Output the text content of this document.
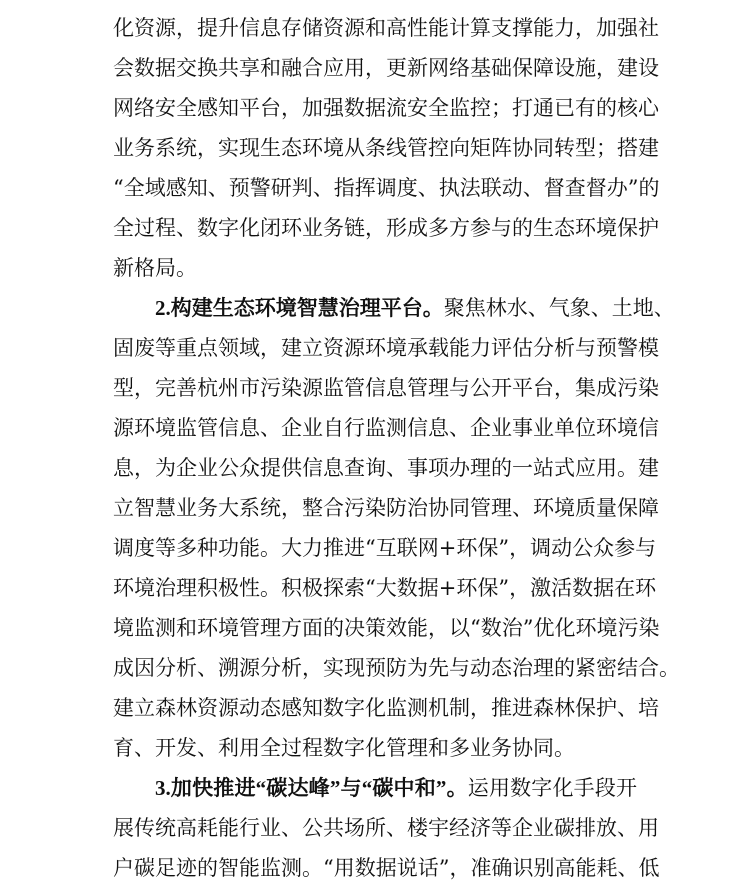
化资源，提升信息存储资源和高性能计算支撑能力，加强社
会数据交换共享和融合应用，更新网络基础保障设施，建设
网络安全感知平台，加强数据流安全监控；打通已有的核心
业务系统，实现生态环境从条线管控向矩阵协同转型；搭建
“全域感知、预警研判、指挥调度、执法联动、督查督办”的
全过程、数字化闭环业务链，形成多方参与的生态环境保护
新格局。
2.构建生态环境智慧治理平台。聚焦林水、气象、土地、
固废等重点领域，建立资源环境承载能力评估分析与预警模
型，完善杭州市污染源监管信息管理与公开平台，集成污染
源环境监管信息、企业自行监测信息、企业事业单位环境信
息，为企业公众提供信息查询、事项办理的一站式应用。建
立智慧业务大系统，整合污染防治协同管理、环境质量保障
调度等多种功能。大力推进“互联网+环保”，调动公众参与
环境治理积极性。积极探索“大数据+环保”，激活数据在环
境监测和环境管理方面的决策效能，以“数治”优化环境污染
成因分析、溯源分析，实现预防为先与动态治理的紧密结合。
建立森林资源动态感知数字化监测机制，推进森林保护、培
育、开发、利用全过程数字化管理和多业务协同。
3.加快推进“碳达峰”与“碳中和”。运用数字化手段开
展传统高耗能行业、公共场所、楼宇经济等企业碳排放、用
户碳足迹的智能监测。“用数据说话”，准确识别高能耗、低
